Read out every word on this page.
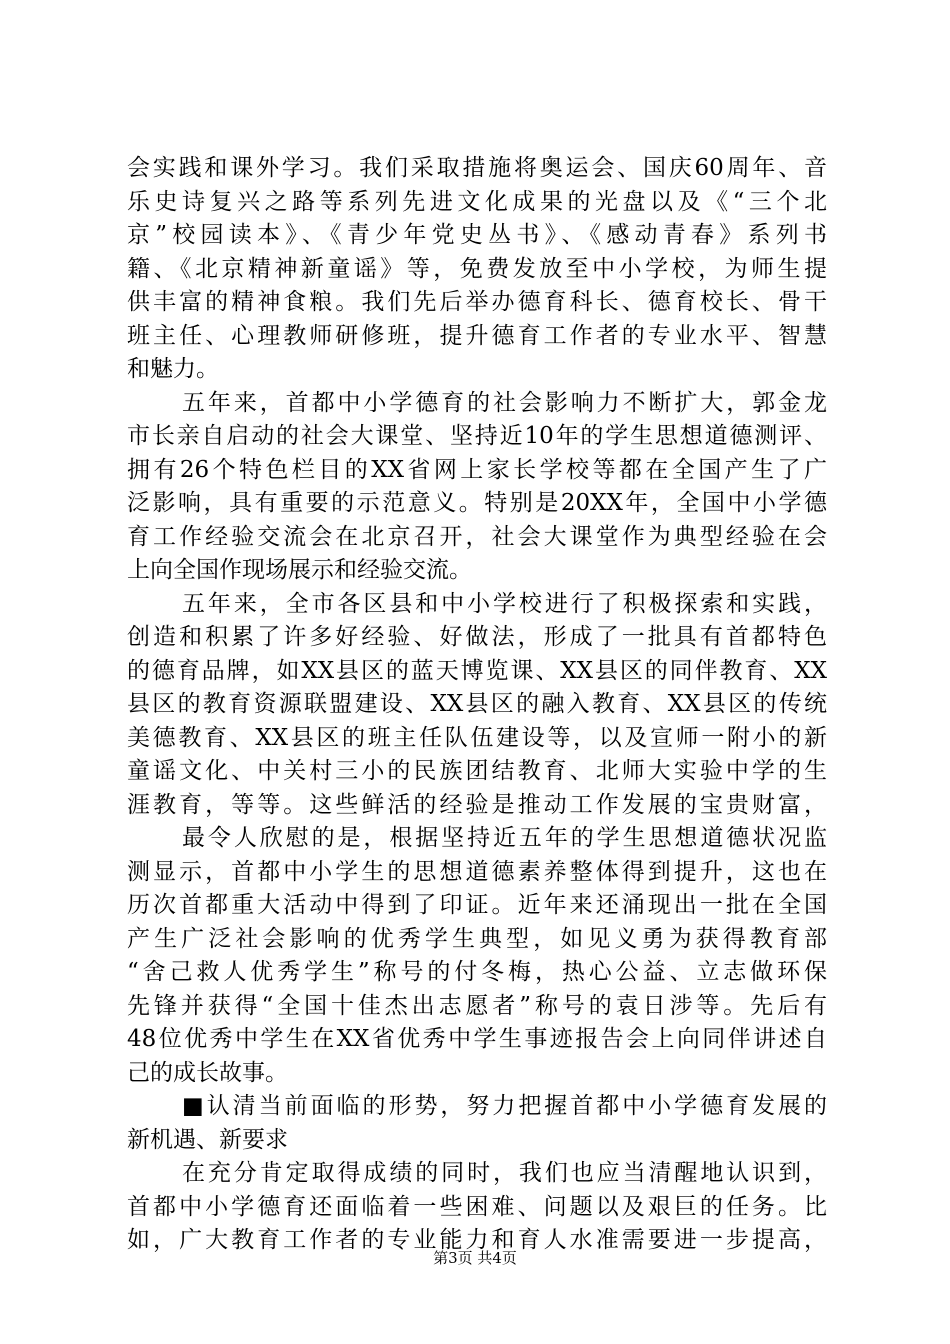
会实践和课外学习。我们采取措施将奥运会、国庆60周年、音
乐史诗复兴之路等系列先进文化成果的光盘以及《“三个北
京”校园读本》、《青少年党史丛书》、《感动青春》系列书
籍、《北京精神新童谣》等，免费发放至中小学校，为师生提
供丰富的精神食粮。我们先后举办德育科长、德育校长、骨干
班主任、心理教师研修班，提升德育工作者的专业水平、智慧
和魅力。
五年来，首都中小学德育的社会影响力不断扩大，郭金龙
市长亲自启动的社会大课堂、坚持近10年的学生思想道德测评、
拥有26个特色栏目的XX省网上家长学校等都在全国产生了广
泛影响，具有重要的示范意义。特别是20XX年，全国中小学德
育工作经验交流会在北京召开，社会大课堂作为典型经验在会
上向全国作现场展示和经验交流。
五年来，全市各区县和中小学校进行了积极探索和实践，
创造和积累了许多好经验、好做法，形成了一批具有首都特色
的德育品牌，如XX县区的蓝天博览课、XX县区的同伴教育、XX
县区的教育资源联盟建设、XX县区的融入教育、XX县区的传统
美德教育、XX县区的班主任队伍建设等，以及宣师一附小的新
童谣文化、中关村三小的民族团结教育、北师大实验中学的生
涯教育，等等。这些鲜活的经验是推动工作发展的宝贵财富，
最令人欣慰的是，根据坚持近五年的学生思想道德状况监
测显示，首都中小学生的思想道德素养整体得到提升，这也在
历次首都重大活动中得到了印证。近年来还涌现出一批在全国
产生广泛社会影响的优秀学生典型，如见义勇为获得教育部
“舍己救人优秀学生”称号的付冬梅，热心公益、立志做环保
先锋并获得“全国十佳杰出志愿者”称号的袁日涉等。先后有
48位优秀中学生在XX省优秀中学生事迹报告会上向同伴讲述自
己的成长故事。
■认清当前面临的形势，努力把握首都中小学德育发展的
新机遇、新要求
在充分肯定取得成绩的同时，我们也应当清醒地认识到，
首都中小学德育还面临着一些困难、问题以及艰巨的任务。比
如，广大教育工作者的专业能力和育人水准需要进一步提高，
第3页 共4页
